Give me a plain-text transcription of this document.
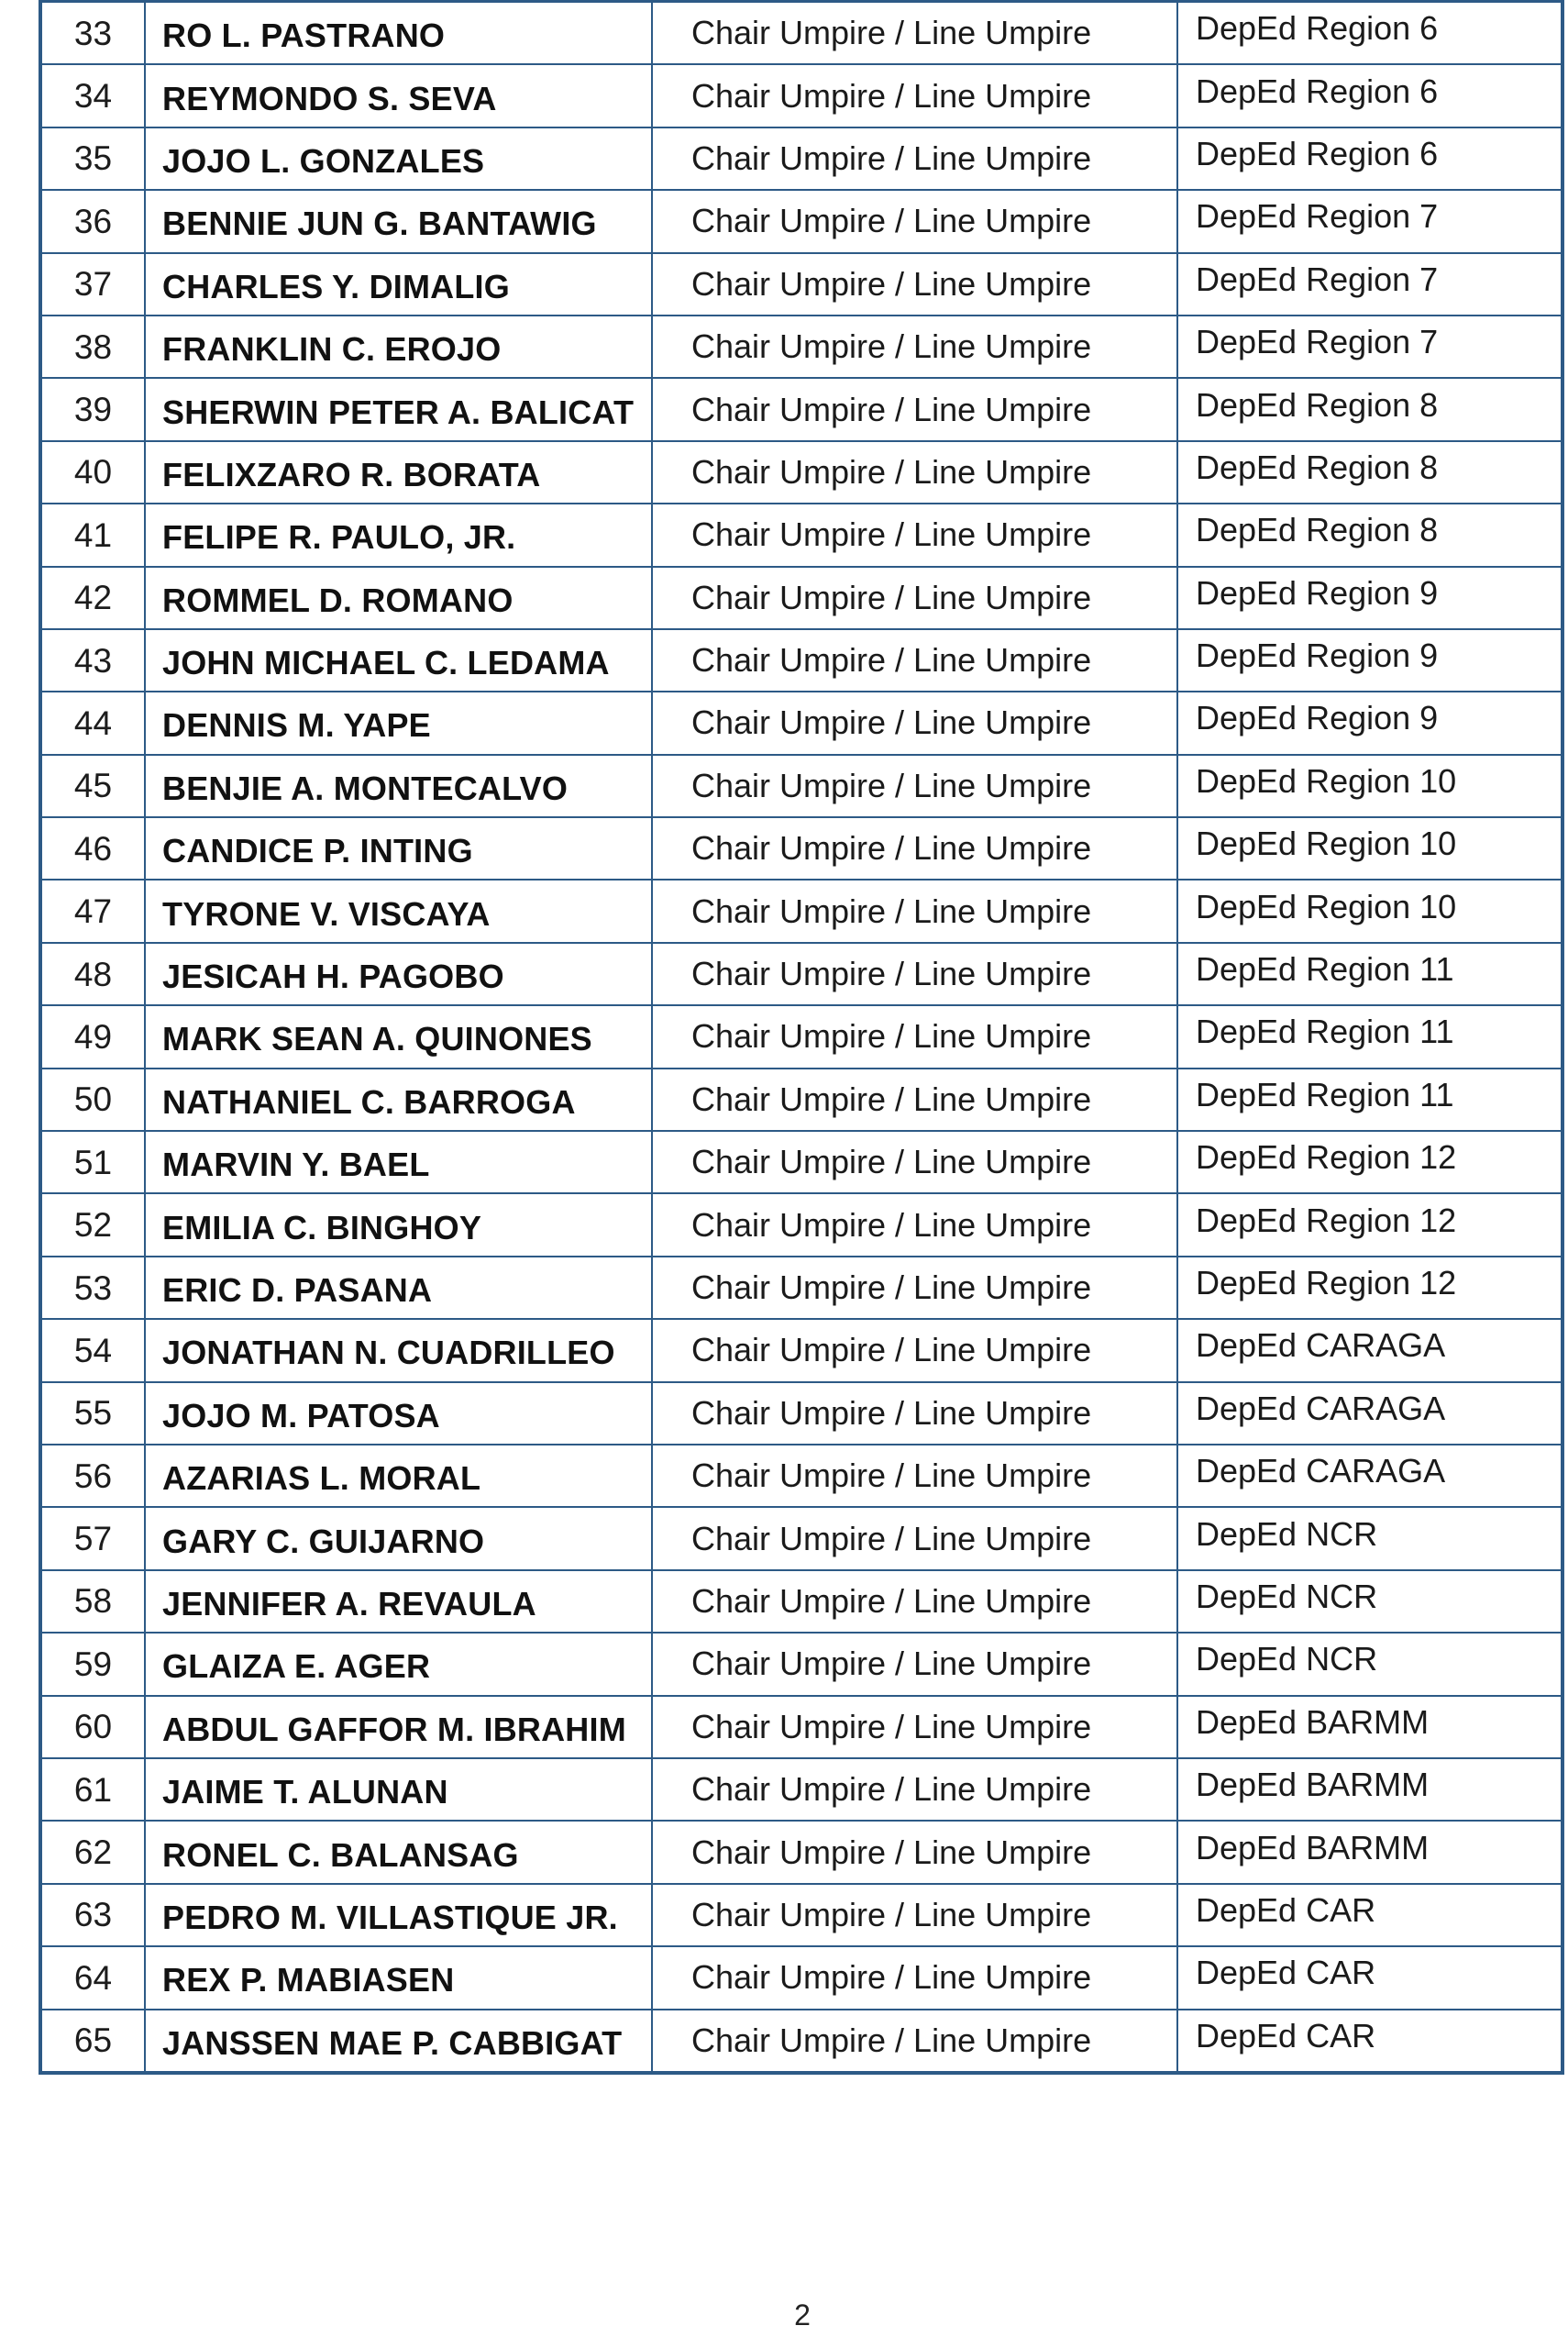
33	RO L. PASTRANO	Chair Umpire / Line Umpire	DepEd Region 6
34	REYMONDO S. SEVA	Chair Umpire / Line Umpire	DepEd Region 6
35	JOJO L. GONZALES	Chair Umpire / Line Umpire	DepEd Region 6
36	BENNIE JUN G. BANTAWIG	Chair Umpire / Line Umpire	DepEd Region 7
37	CHARLES Y. DIMALIG	Chair Umpire / Line Umpire	DepEd Region 7
38	FRANKLIN C. EROJO	Chair Umpire / Line Umpire	DepEd Region 7
39	SHERWIN PETER A. BALICAT	Chair Umpire / Line Umpire	DepEd Region 8
40	FELIXZARO R. BORATA	Chair Umpire / Line Umpire	DepEd Region 8
41	FELIPE R. PAULO, JR.	Chair Umpire / Line Umpire	DepEd Region 8
42	ROMMEL D. ROMANO	Chair Umpire / Line Umpire	DepEd Region 9
43	JOHN MICHAEL C. LEDAMA	Chair Umpire / Line Umpire	DepEd Region 9
44	DENNIS M. YAPE	Chair Umpire / Line Umpire	DepEd Region 9
45	BENJIE A. MONTECALVO	Chair Umpire / Line Umpire	DepEd Region 10
46	CANDICE P. INTING	Chair Umpire / Line Umpire	DepEd Region 10
47	TYRONE V. VISCAYA	Chair Umpire / Line Umpire	DepEd Region 10
48	JESICAH H. PAGOBO	Chair Umpire / Line Umpire	DepEd Region 11
49	MARK SEAN A. QUINONES	Chair Umpire / Line Umpire	DepEd Region 11
50	NATHANIEL C. BARROGA	Chair Umpire / Line Umpire	DepEd Region 11
51	MARVIN Y. BAEL	Chair Umpire / Line Umpire	DepEd Region 12
52	EMILIA C. BINGHOY	Chair Umpire / Line Umpire	DepEd Region 12
53	ERIC D. PASANA	Chair Umpire / Line Umpire	DepEd Region 12
54	JONATHAN N. CUADRILLEO	Chair Umpire / Line Umpire	DepEd CARAGA
55	JOJO M. PATOSA	Chair Umpire / Line Umpire	DepEd CARAGA
56	AZARIAS L. MORAL	Chair Umpire / Line Umpire	DepEd CARAGA
57	GARY C. GUIJARNO	Chair Umpire / Line Umpire	DepEd NCR
58	JENNIFER A. REVAULA	Chair Umpire / Line Umpire	DepEd NCR
59	GLAIZA E. AGER	Chair Umpire / Line Umpire	DepEd NCR
60	ABDUL GAFFOR M. IBRAHIM	Chair Umpire / Line Umpire	DepEd BARMM
61	JAIME T. ALUNAN	Chair Umpire / Line Umpire	DepEd BARMM
62	RONEL C. BALANSAG	Chair Umpire / Line Umpire	DepEd BARMM
63	PEDRO M. VILLASTIQUE JR.	Chair Umpire / Line Umpire	DepEd CAR
64	REX P. MABIASEN	Chair Umpire / Line Umpire	DepEd CAR
65	JANSSEN MAE P. CABBIGAT	Chair Umpire / Line Umpire	DepEd CAR
2
